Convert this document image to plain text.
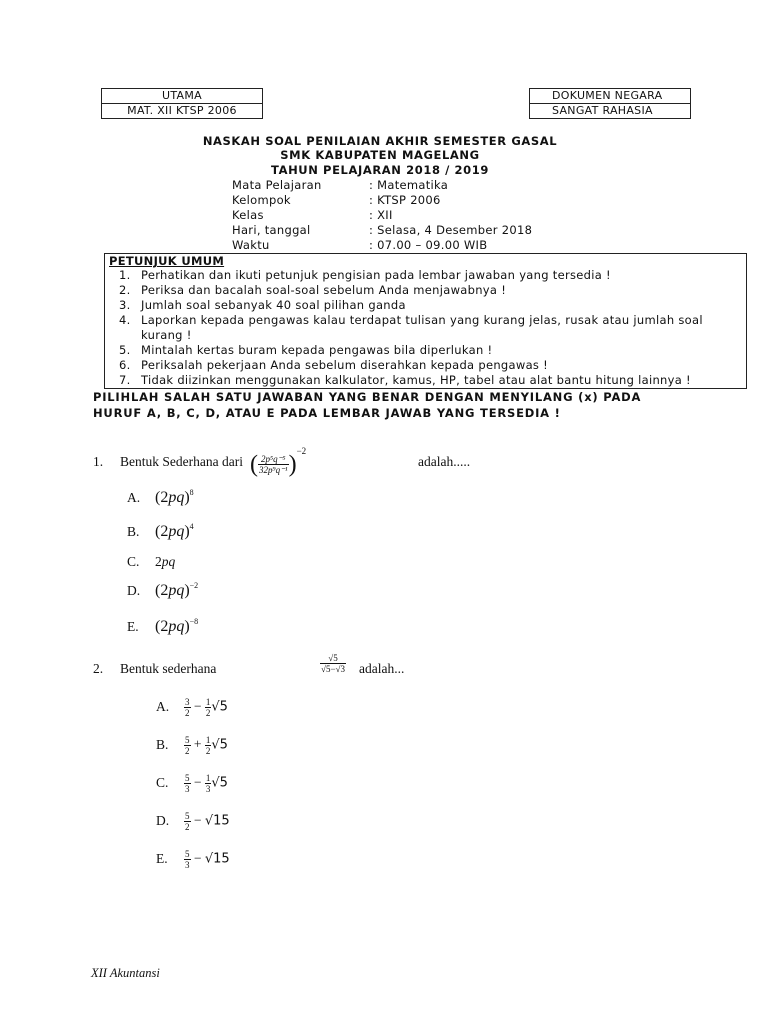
UTAMA
MAT. XII KTSP 2006
DOKUMEN NEGARA
SANGAT RAHASIA
NASKAH SOAL PENILAIAN AKHIR SEMESTER GASAL
SMK KABUPATEN MAGELANG
TAHUN PELAJARAN 2018 / 2019
Mata Pelajaran	: Matematika
Kelompok	: KTSP 2006
Kelas	: XII
Hari, tanggal	: Selasa, 4 Desember 2018
Waktu	: 07.00 – 09.00 WIB
PETUNJUK UMUM
1. Perhatikan dan ikuti petunjuk pengisian pada lembar jawaban yang tersedia !
2. Periksa dan bacalah soal-soal sebelum Anda menjawabnya !
3. Jumlah soal sebanyak 40 soal pilihan ganda
4. Laporkan kepada pengawas kalau terdapat tulisan yang kurang jelas, rusak atau jumlah soal kurang !
5. Mintalah kertas buram kepada pengawas bila diperlukan !
6. Periksalah pekerjaan Anda sebelum diserahkan kepada pengawas !
7. Tidak diizinkan menggunakan kalkulator, kamus, HP, tabel atau alat bantu hitung lainnya !
PILIHLAH SALAH SATU JAWABAN YANG BENAR DENGAN MENYILANG (x) PADA
HURUF A, B, C, D, ATAU E PADA LEMBAR JAWAB YANG TERSEDIA !
1. Bentuk Sederhana dari ( $\frac{\text{2p⁵q⁻⁵}}{\text{32p⁹q⁻¹}} )^{-2}$
adalah.....
A. $(2pq)^8$
B. $(2pq)^4$
C. 2pq
D. $(2pq)^{-2}$
E. $(2pq)^{-8}$
2. Bentuk sederhana	$\frac{√5}{√5-√3}$ adalah...
A. $\frac{3}{2} - \frac{1}{2} √5$
B. $\frac{5}{2} + \frac{1}{2} √5$
C. $\frac{5}{3} - \frac{1}{3} √5$
D. $\frac{5}{2} - √15$
E. $\frac{5}{3} - √15$
XII Akuntansi
